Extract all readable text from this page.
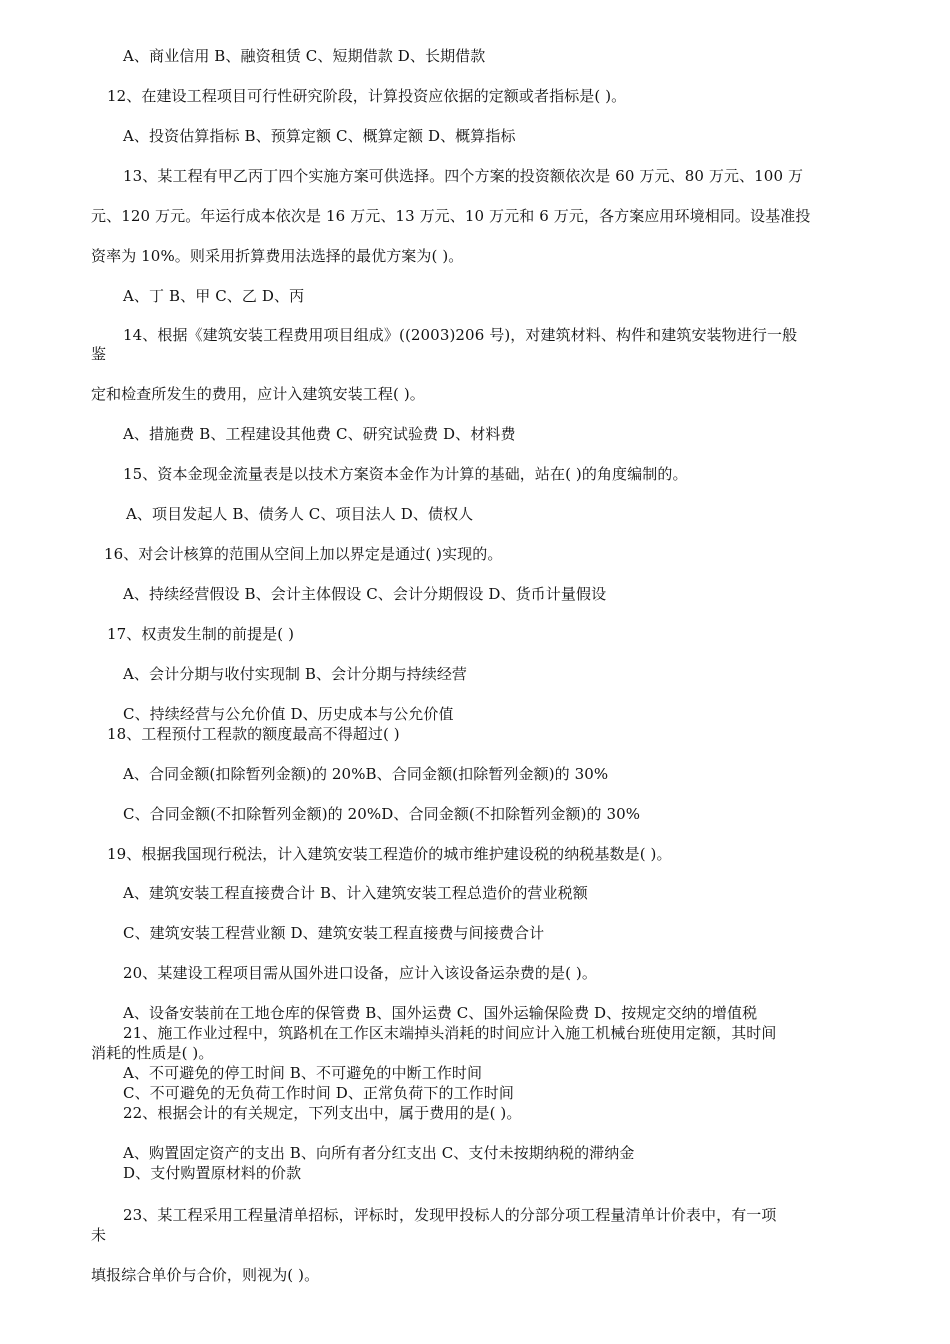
A、商业信用 B、融资租赁 C、短期借款 D、长期借款
12、在建设工程项目可行性研究阶段，计算投资应依据的定额或者指标是( )。
A、投资估算指标 B、预算定额 C、概算定额 D、概算指标
13、某工程有甲乙丙丁四个实施方案可供选择。四个方案的投资额依次是 60 万元、80 万元、100 万
元、120 万元。年运行成本依次是 16 万元、13 万元、10 万元和 6 万元，各方案应用环境相同。设基准投
资率为 10%。则采用折算费用法选择的最优方案为( )。
A、丁 B、甲 C、乙 D、丙
14、根据《建筑安装工程费用项目组成》((2003)206 号)，对建筑材料、构件和建筑安装物进行一般
鉴
定和检查所发生的费用，应计入建筑安装工程( )。
A、措施费 B、工程建设其他费 C、研究试验费 D、材料费
15、资本金现金流量表是以技术方案资本金作为计算的基础，站在( )的角度编制的。
A、项目发起人 B、债务人 C、项目法人 D、债权人
16、对会计核算的范围从空间上加以界定是通过( )实现的。
A、持续经营假设 B、会计主体假设 C、会计分期假设 D、货币计量假设
17、权责发生制的前提是( )
A、会计分期与收付实现制 B、会计分期与持续经营
C、持续经营与公允价值 D、历史成本与公允价值
18、工程预付工程款的额度最高不得超过( )
A、合同金额(扣除暂列金额)的 20%B、合同金额(扣除暂列金额)的 30%
C、合同金额(不扣除暂列金额)的 20%D、合同金额(不扣除暂列金额)的 30%
19、根据我国现行税法，计入建筑安装工程造价的城市维护建设税的纳税基数是( )。
A、建筑安装工程直接费合计 B、计入建筑安装工程总造价的营业税额
C、建筑安装工程营业额 D、建筑安装工程直接费与间接费合计
20、某建设工程项目需从国外进口设备，应计入该设备运杂费的是( )。
A、设备安装前在工地仓库的保管费 B、国外运费 C、国外运输保险费 D、按规定交纳的增值税
21、施工作业过程中，筑路机在工作区末端掉头消耗的时间应计入施工机械台班使用定额，其时间
消耗的性质是( )。
A、不可避免的停工时间 B、不可避免的中断工作时间
C、不可避免的无负荷工作时间 D、正常负荷下的工作时间
22、根据会计的有关规定，下列支出中，属于费用的是( )。
A、购置固定资产的支出 B、向所有者分红支出 C、支付未按期纳税的滞纳金
D、支付购置原材料的价款
23、某工程采用工程量清单招标，评标时，发现甲投标人的分部分项工程量清单计价表中，有一项
未
填报综合单价与合价，则视为( )。
